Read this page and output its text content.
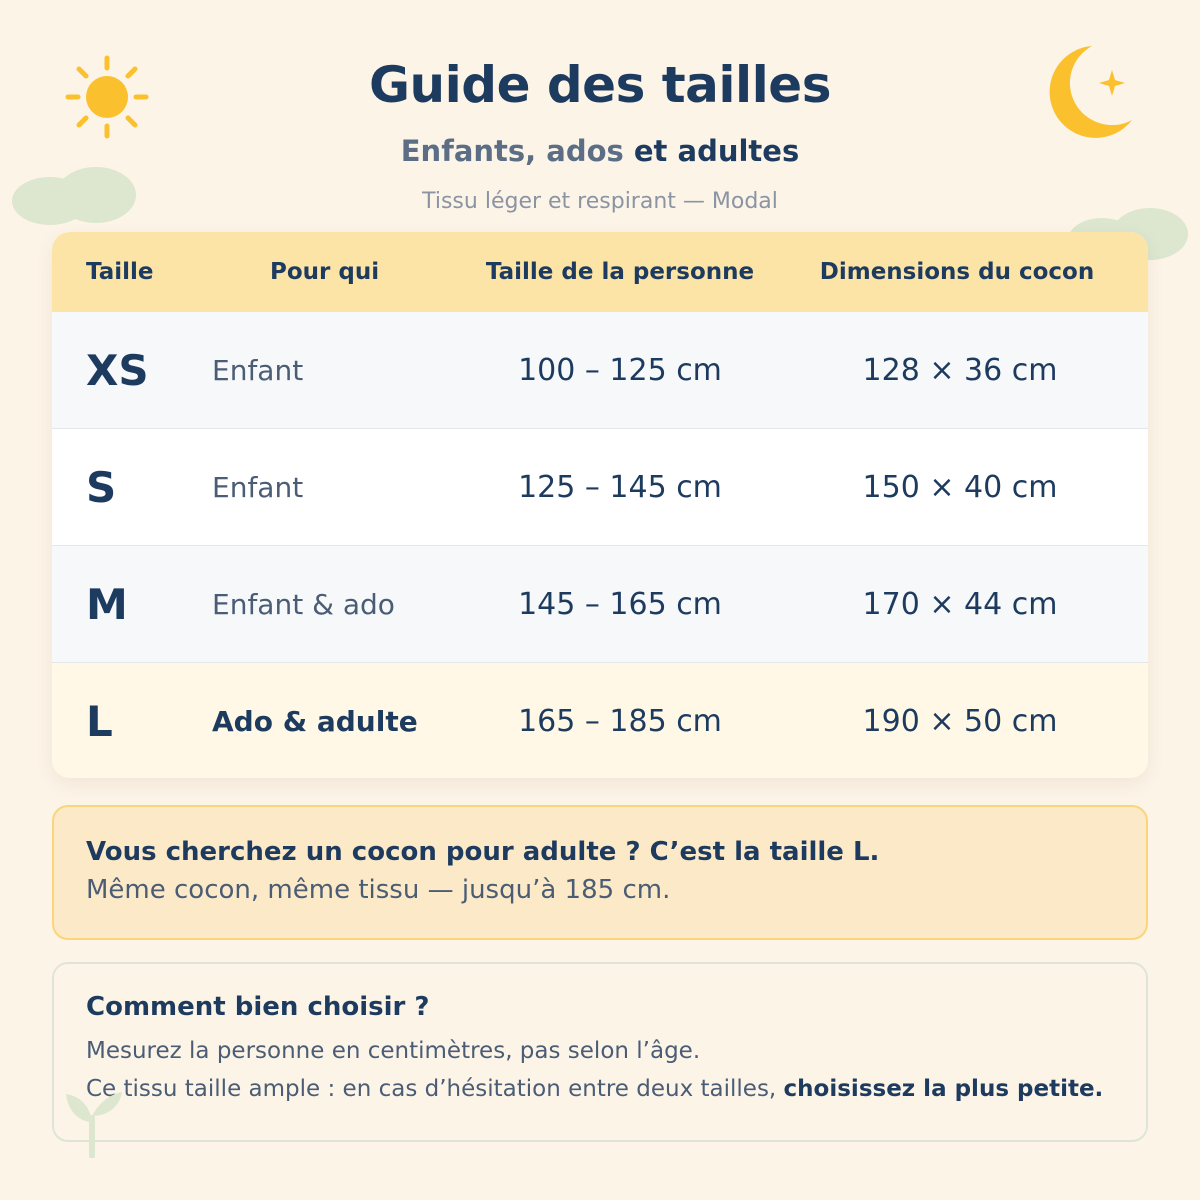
Guide des tailles
Enfants, ados et adultes
Tissu léger et respirant — Modal
Taille	Pour qui	Taille de la personne	Dimensions du cocon
XS	Enfant	100 – 125 cm	128 × 36 cm
S	Enfant	125 – 145 cm	150 × 40 cm
M	Enfant & ado	145 – 165 cm	170 × 44 cm
L	Ado & adulte	165 – 185 cm	190 × 50 cm
Vous cherchez un cocon pour adulte ? C’est la taille L.
Même cocon, même tissu — jusqu’à 185 cm.
Comment bien choisir ?
Mesurez la personne en centimètres, pas selon l’âge.
Ce tissu taille ample : en cas d’hésitation entre deux tailles, choisissez la plus petite.
